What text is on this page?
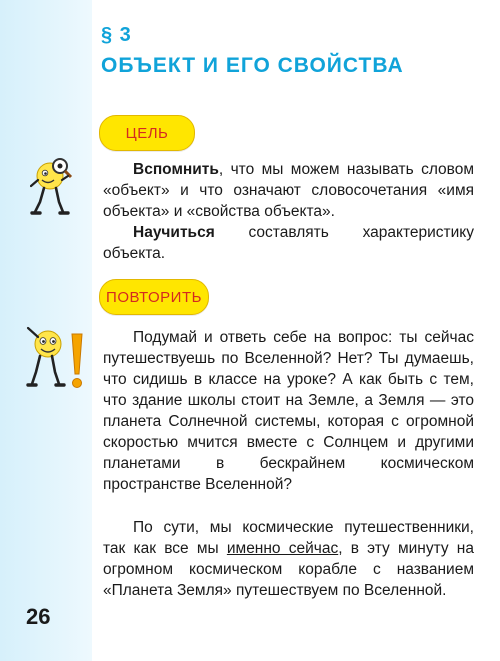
§ 3
ОБЪЕКТ И ЕГО СВОЙСТВА
ЦЕЛЬ

Вспомнить, что мы можем называть словом «объект» и что означают словосочетания «имя объекта» и «свойства объекта».

Научиться составлять характеристику объекта.

ПОВТОРИТЬ

Подумай и ответь себе на вопрос: ты сейчас путешествуешь по Вселенной? Нет? Ты думаешь, что сидишь в классе на уроке? А как быть с тем, что здание школы стоит на Земле, а Земля — это планета Солнечной системы, которая с огромной скоростью мчится вместе с Солнцем и другими планетами в бескрайнем космическом пространстве Вселенной?

По сути, мы космические путешественники, так как все мы именно сейчас, в эту минуту на огромном космическом корабле с названием «Планета Земля» путешествуем по Вселенной.

26
